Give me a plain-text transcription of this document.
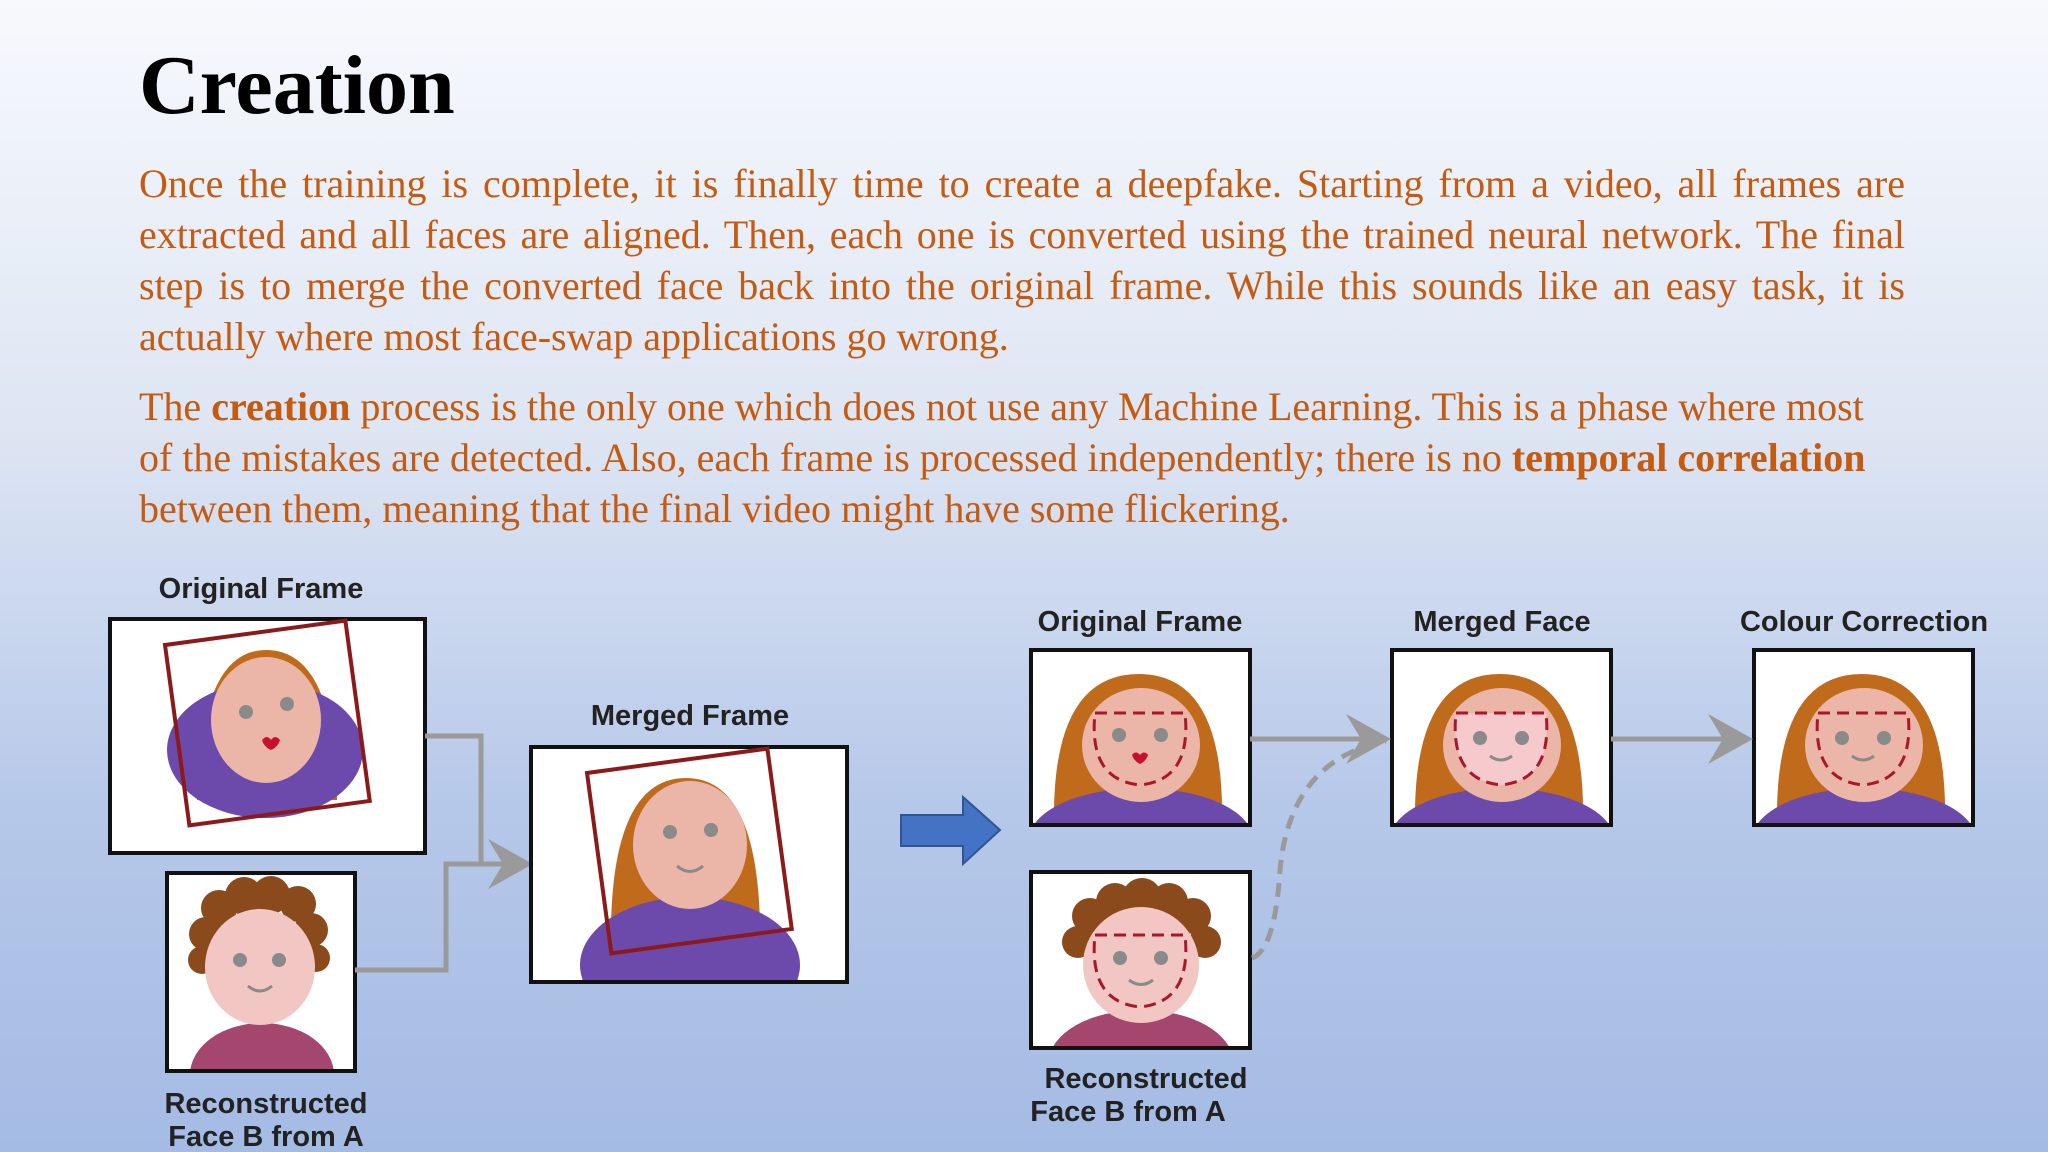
Creation

Once the training is complete, it is finally time to create a deepfake. Starting from a video, all frames are extracted and all faces are aligned. Then, each one is converted using the trained neural network. The final step is to merge the converted face back into the original frame. While this sounds like an easy task, it is actually where most face-swap applications go wrong.

The creation process is the only one which does not use any Machine Learning. This is a phase where most of the mistakes are detected. Also, each frame is processed independently; there is no temporal correlation between them, meaning that the final video might have some flickering.

Original Frame
Reconstructed
Face B from A
Merged Frame
Original Frame	Merged Face	Colour Correction
Reconstructed
Face B from A
